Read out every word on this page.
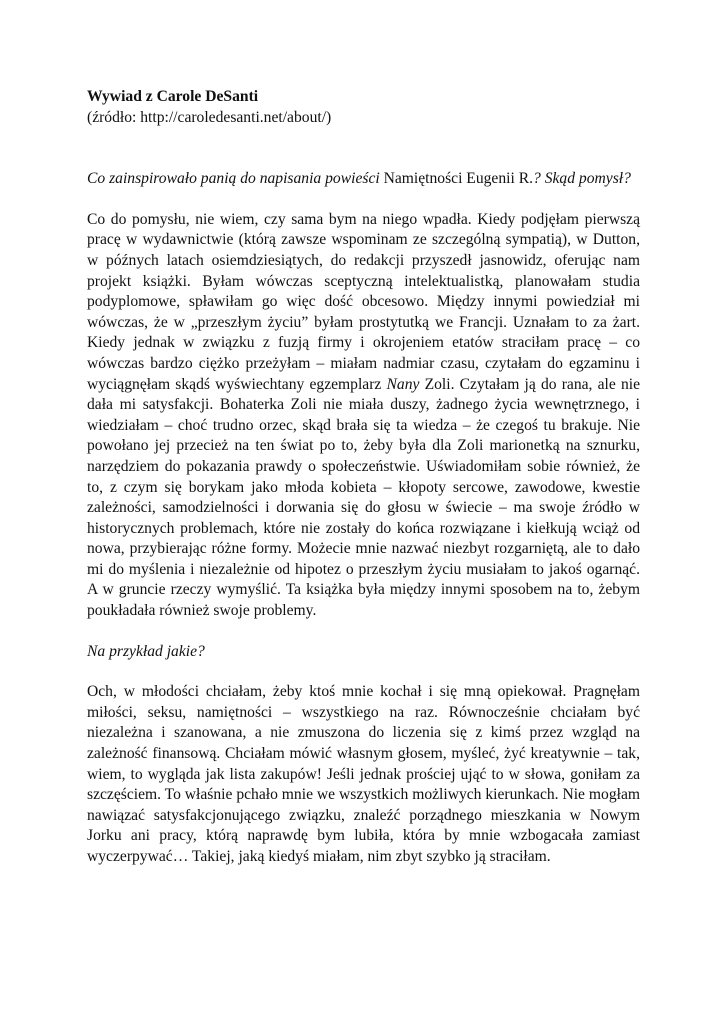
Wywiad z Carole DeSanti

(źródło: http://caroledesanti.net/about/)

Co zainspirowało panią do napisania powieści Namiętności Eugenii R.? Skąd pomysł?

Co do pomysłu, nie wiem, czy sama bym na niego wpadła. Kiedy podjęłam pierwszą pracę w wydawnictwie (którą zawsze wspominam ze szczególną sympatią), w Dutton, w późnych latach osiemdziesiątych, do redakcji przyszedł jasnowidz, oferując nam projekt książki. Byłam wówczas sceptyczną intelektualistką, planowałam studia podyplomowe, spławiłam go więc dość obcesowo. Między innymi powiedział mi wówczas, że w „przeszłym życiu” byłam prostytutką we Francji. Uznałam to za żart. Kiedy jednak w związku z fuzją firmy i okrojeniem etatów straciłam pracę – co wówczas bardzo ciężko przeżyłam – miałam nadmiar czasu, czytałam do egzaminu i wyciągnęłam skądś wyświechtany egzemplarz Nany Zoli. Czytałam ją do rana, ale nie dała mi satysfakcji. Bohaterka Zoli nie miała duszy, żadnego życia wewnętrznego, i wiedziałam – choć trudno orzec, skąd brała się ta wiedza – że czegoś tu brakuje. Nie powołano jej przecież na ten świat po to, żeby była dla Zoli marionetką na sznurku, narzędziem do pokazania prawdy o społeczeństwie. Uświadomiłam sobie również, że to, z czym się borykam jako młoda kobieta – kłopoty sercowe, zawodowe, kwestie zależności, samodzielności i dorwania się do głosu w świecie – ma swoje źródło w historycznych problemach, które nie zostały do końca rozwiązane i kiełkują wciąż od nowa, przybierając różne formy. Możecie mnie nazwać niezbyt rozgarniętą, ale to dało mi do myślenia i niezależnie od hipotez o przeszłym życiu musiałam to jakoś ogarnąć. A w gruncie rzeczy wymyślić. Ta książka była między innymi sposobem na to, żebym poukładała również swoje problemy.

Na przykład jakie?

Och, w młodości chciałam, żeby ktoś mnie kochał i się mną opiekował. Pragnęłam miłości, seksu, namiętności – wszystkiego na raz. Równocześnie chciałam być niezależna i szanowana, a nie zmuszona do liczenia się z kimś przez wzgląd na zależność finansową. Chciałam mówić własnym głosem, myśleć, żyć kreatywnie – tak, wiem, to wygląda jak lista zakupów! Jeśli jednak prościej ująć to w słowa, goniłam za szczęściem. To właśnie pchało mnie we wszystkich możliwych kierunkach. Nie mogłam nawiązać satysfakcjonującego związku, znaleźć porządnego mieszkania w Nowym Jorku ani pracy, którą naprawdę bym lubiła, która by mnie wzbogacała zamiast wyczerpywać… Takiej, jaką kiedyś miałam, nim zbyt szybko ją straciłam.
